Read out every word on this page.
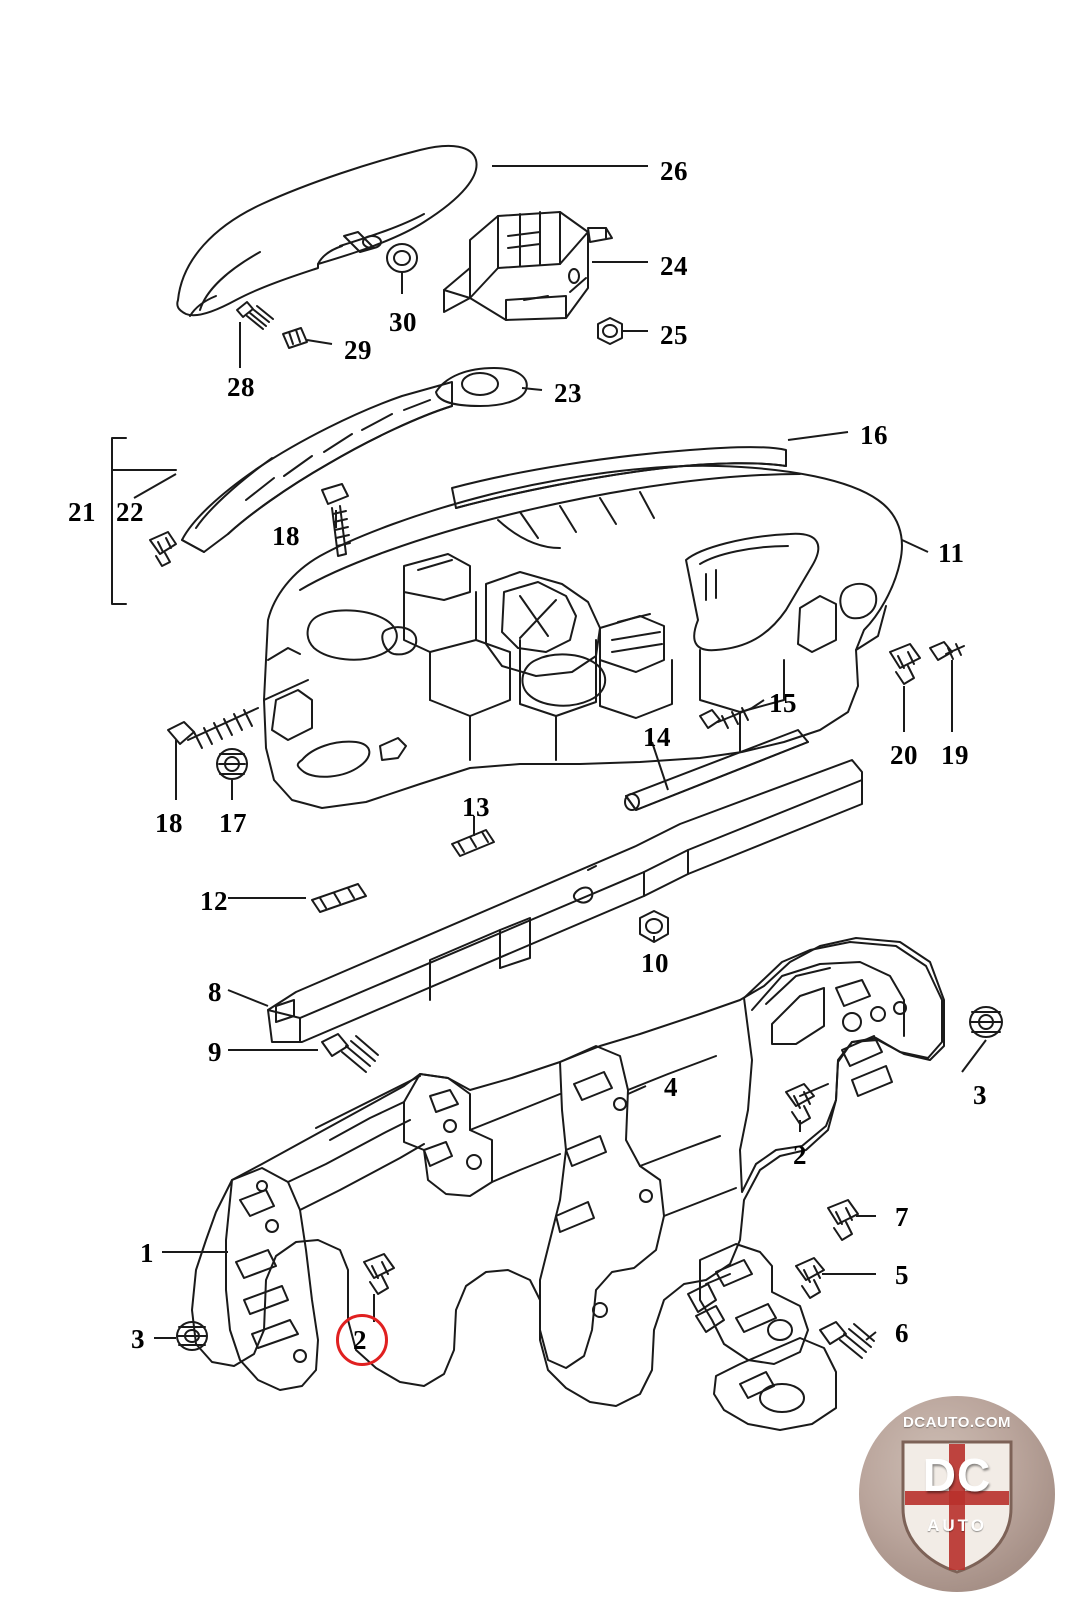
26
24
25
30
29
28	23
16
21 22
18
11
15
20 19
14
13
18 17
12
10
8
9
3
4
2
1
7
5
6
3	2
DCAUTO.COM
DC
AUTO
